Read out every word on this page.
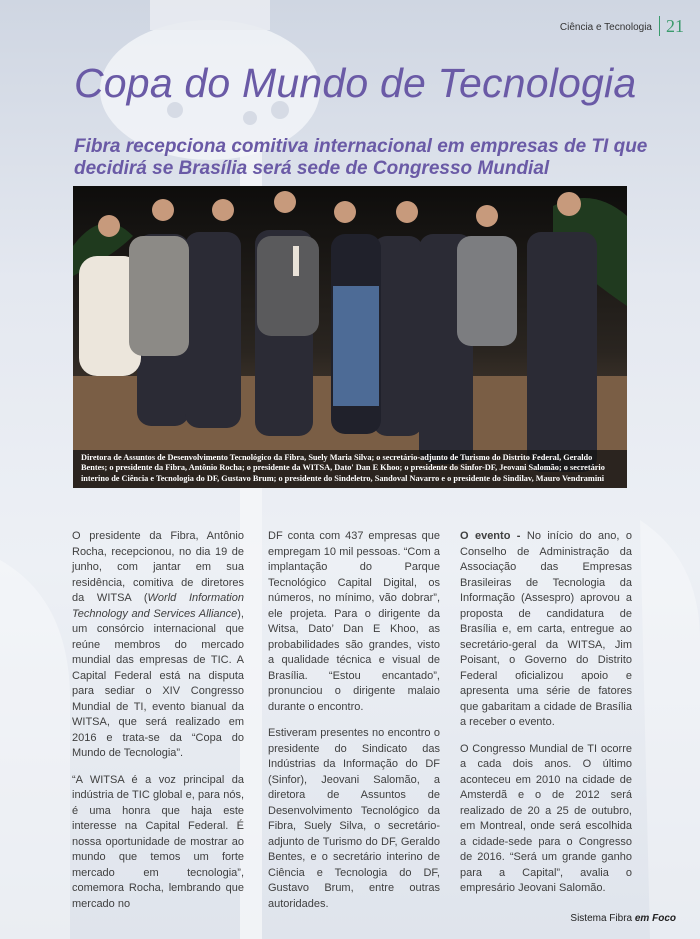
Ciência e Tecnologia 21
Copa do Mundo de Tecnologia
Fibra recepciona comitiva internacional em empresas de TI que decidirá se Brasília será sede de Congresso Mundial
Diretora de Assuntos de Desenvolvimento Tecnológico da Fibra, Suely Maria Silva; o secretário-adjunto de Turismo do Distrito Federal, Geraldo Bentes; o presidente da Fibra, Antônio Rocha; o presidente da WITSA, Dato' Dan E Khoo; o presidente do Sinfor-DF, Jeovani Salomão; o secretário interino de Ciência e Tecnologia do DF, Gustavo Brum; o presidente do Sindeletro, Sandoval Navarro e o presidente do Sindilav, Mauro Vendramini

O presidente da Fibra, Antônio Rocha, recepcionou, no dia 19 de junho, com jantar em sua residência, comitiva de diretores da WITSA (World Information Technology and Services Alliance), um consórcio internacional que reúne membros do mercado mundial das empresas de TIC. A Capital Federal está na disputa para sediar o XIV Congresso Mundial de TI, evento bianual da WITSA, que será realizado em 2016 e trata-se da “Copa do Mundo de Tecnologia”.

“A WITSA é a voz principal da indústria de TIC global e, para nós, é uma honra que haja este interesse na Capital Federal. É nossa oportunidade de mostrar ao mundo que temos um forte mercado em tecnologia”, comemora Rocha, lembrando que mercado no

DF conta com 437 empresas que empregam 10 mil pessoas. “Com a implantação do Parque Tecnológico Capital Digital, os números, no mínimo, vão dobrar”, ele projeta. Para o dirigente da Witsa, Dato’ Dan E Khoo, as probabilidades são grandes, visto a qualidade técnica e visual de Brasília. “Estou encantado”, pronunciou o dirigente malaio durante o encontro.

Estiveram presentes no encontro o presidente do Sindicato das Indústrias da Informação do DF (Sinfor), Jeovani Salomão, a diretora de Assuntos de Desenvolvimento Tecnológico da Fibra, Suely Silva, o secretário-adjunto de Turismo do DF, Geraldo Bentes, e o secretário interino de Ciência e Tecnologia do DF, Gustavo Brum, entre outras autoridades.

O evento - No início do ano, o Conselho de Administração da Associação das Empresas Brasileiras de Tecnologia da Informação (Assespro) aprovou a proposta de candidatura de Brasília e, em carta, entregue ao secretário-geral da WITSA, Jim Poisant, o Governo do Distrito Federal oficializou apoio e apresenta uma série de fatores que gabaritam a cidade de Brasília a receber o evento.

O Congresso Mundial de TI ocorre a cada dois anos. O último aconteceu em 2010 na cidade de Amsterdã e o de 2012 será realizado de 20 a 25 de outubro, em Montreal, onde será escolhida a cidade-sede para o Congresso de 2016. “Será um grande ganho para a Capital”, avalia o empresário Jeovani Salomão.

Sistema Fibra em Foco
